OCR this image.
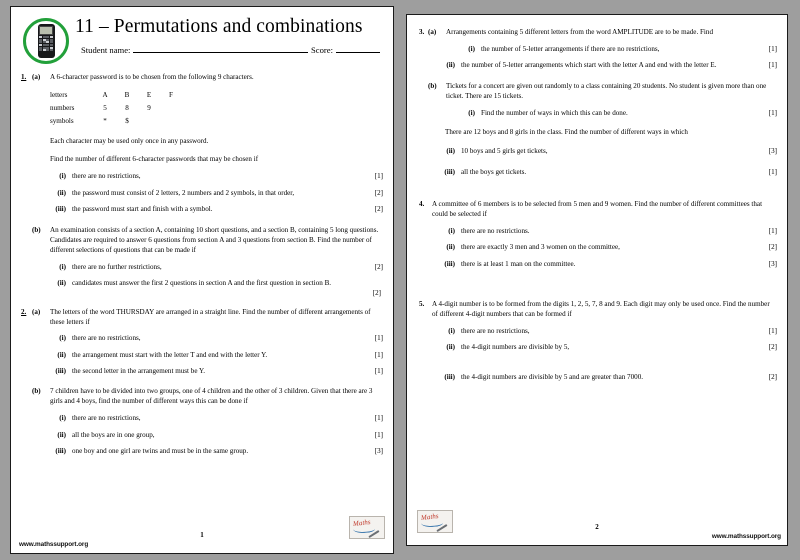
11 – Permutations and combinations
Student name:	Score:
1. (a)	A 6-character password is to be chosen from the following 9 characters.
letters	A	B	E	F
numbers	5	8	9	
symbols	*	$		
Each character may be used only once in any password.
Find the number of different 6-character passwords that may be chosen if
(i) there are no restrictions,	[1]
(ii) the password must consist of 2 letters, 2 numbers and 2 symbols, in that order,	[2]
(iii) the password must start and finish with a symbol.	[2]
(b)	An examination consists of a section A, containing 10 short questions, and a section B, containing 5 long questions. Candidates are required to answer 6 questions from section A and 3 questions from section B. Find the number of different selections of questions that can be made if
(i) there are no further restrictions,	[2]
(ii) candidates must answer the first 2 questions in section A and the first question in section B.
[2]
2. (a)	The letters of the word THURSDAY are arranged in a straight line. Find the number of different arrangements of these letters if
(i) there are no restrictions,	[1]
(ii) the arrangement must start with the letter T and end with the letter Y.	[1]
(iii) the second letter in the arrangement must be Y.	[1]
(b)	7 children have to be divided into two groups, one of 4 children and the other of 3 children. Given that there are 3 girls and 4 boys, find the number of different ways this can be done if
(i) there are no restrictions,	[1]
(ii) all the boys are in one group,	[1]
(iii) one boy and one girl are twins and must be in the same group.	[3]
www.mathssupport.org
1
Maths
3. (a)	Arrangements containing 5 different letters from the word AMPLITUDE are to be made. Find
(i) the number of 5-letter arrangements if there are no restrictions,	[1]
(ii) the number of 5-letter arrangements which start with the letter A and end with the letter E.	[1]
(b)	Tickets for a concert are given out randomly to a class containing 20 students. No student is given more than one ticket. There are 15 tickets.
(i) Find the number of ways in which this can be done.	[1]
There are 12 boys and 8 girls in the class. Find the number of different ways in which
(ii) 10 boys and 5 girls get tickets,	[3]
(iii) all the boys get tickets.	[1]
4.	A committee of 6 members is to be selected from 5 men and 9 women. Find the number of different committees that could be selected if
(i) there are no restrictions.	[1]
(ii) there are exactly 3 men and 3 women on the committee,	[2]
(iii) there is at least 1 man on the committee.	[3]
5.	A 4-digit number is to be formed from the digits 1, 2, 5, 7, 8 and 9. Each digit may only be used once. Find the number of different 4-digit numbers that can be formed if
(i) there are no restrictions,	[1]
(ii) the 4-digit numbers are divisible by 5,	[2]
(iii) the 4-digit numbers are divisible by 5 and are greater than 7000.	[2]
Maths
2
www.mathssupport.org
